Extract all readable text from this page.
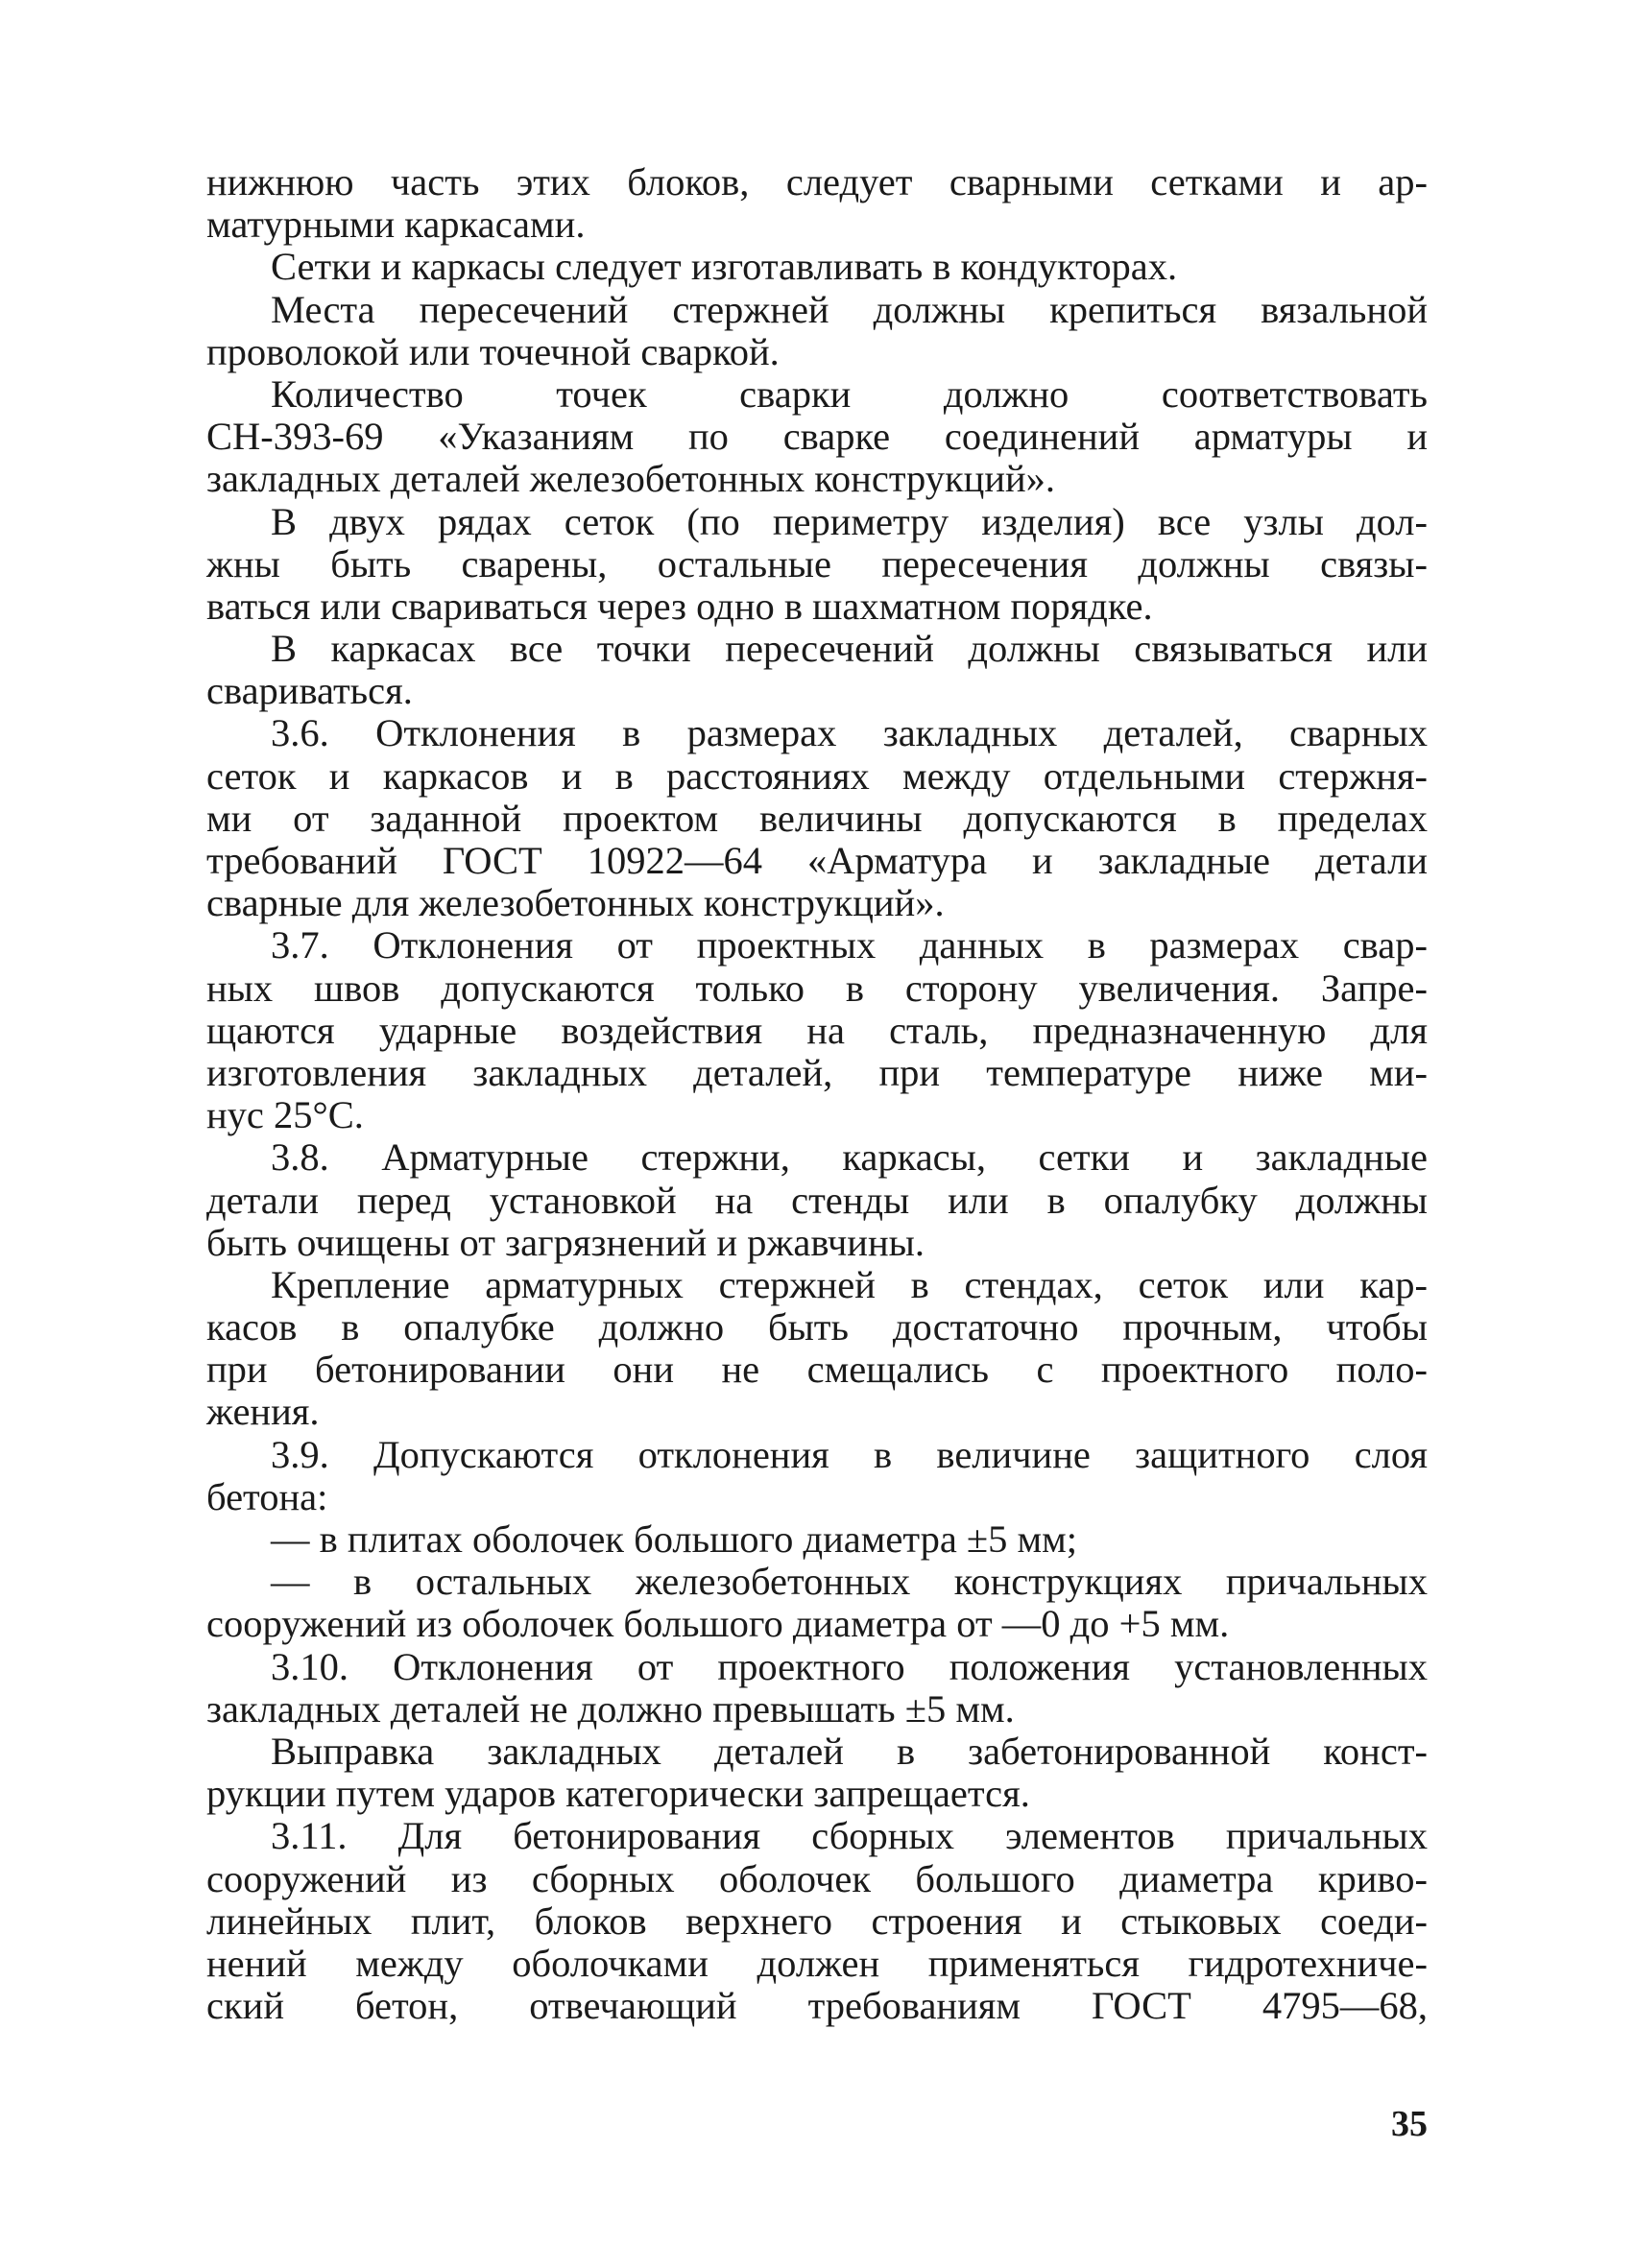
нижнюю часть этих блоков, следует сварными сетками и ар-
матурными каркасами.
Сетки и каркасы следует изготавливать в кондукторах.
Места пересечений стержней должны крепиться вязальной
проволокой или точечной сваркой.
Количество точек сварки должно соответствовать
СН-393-69 «Указаниям по сварке соединений арматуры и
закладных деталей железобетонных конструкций».
В двух рядах сеток (по периметру изделия) все узлы дол-
жны быть сварены, остальные пересечения должны связы-
ваться или свариваться через одно в шахматном порядке.
В каркасах все точки пересечений должны связываться или
свариваться.
3.6. Отклонения в размерах закладных деталей, сварных
сеток и каркасов и в расстояниях между отдельными стержня-
ми от заданной проектом величины допускаются в пределах
требований ГОСТ 10922—64 «Арматура и закладные детали
сварные для железобетонных конструкций».
3.7. Отклонения от проектных данных в размерах свар-
ных швов допускаются только в сторону увеличения. Запре-
щаются ударные воздействия на сталь, предназначенную для
изготовления закладных деталей, при температуре ниже ми-
нус 25°С.
3.8. Арматурные стержни, каркасы, сетки и закладные
детали перед установкой на стенды или в опалубку должны
быть очищены от загрязнений и ржавчины.
Крепление арматурных стержней в стендах, сеток или кар-
касов в опалубке должно быть достаточно прочным, чтобы
при бетонировании они не смещались с проектного поло-
жения.
3.9. Допускаются отклонения в величине защитного слоя
бетона:
— в плитах оболочек большого диаметра ±5 мм;
— в остальных железобетонных конструкциях причальных
сооружений из оболочек большого диаметра от —0 до +5 мм.
3.10. Отклонения от проектного положения установленных
закладных деталей не должно превышать ±5 мм.
Выправка закладных деталей в забетонированной конст-
рукции путем ударов категорически запрещается.
3.11. Для бетонирования сборных элементов причальных
сооружений из сборных оболочек большого диаметра криво-
линейных плит, блоков верхнего строения и стыковых соеди-
нений между оболочками должен применяться гидротехниче-
ский бетон, отвечающий требованиям ГОСТ 4795—68,
35
